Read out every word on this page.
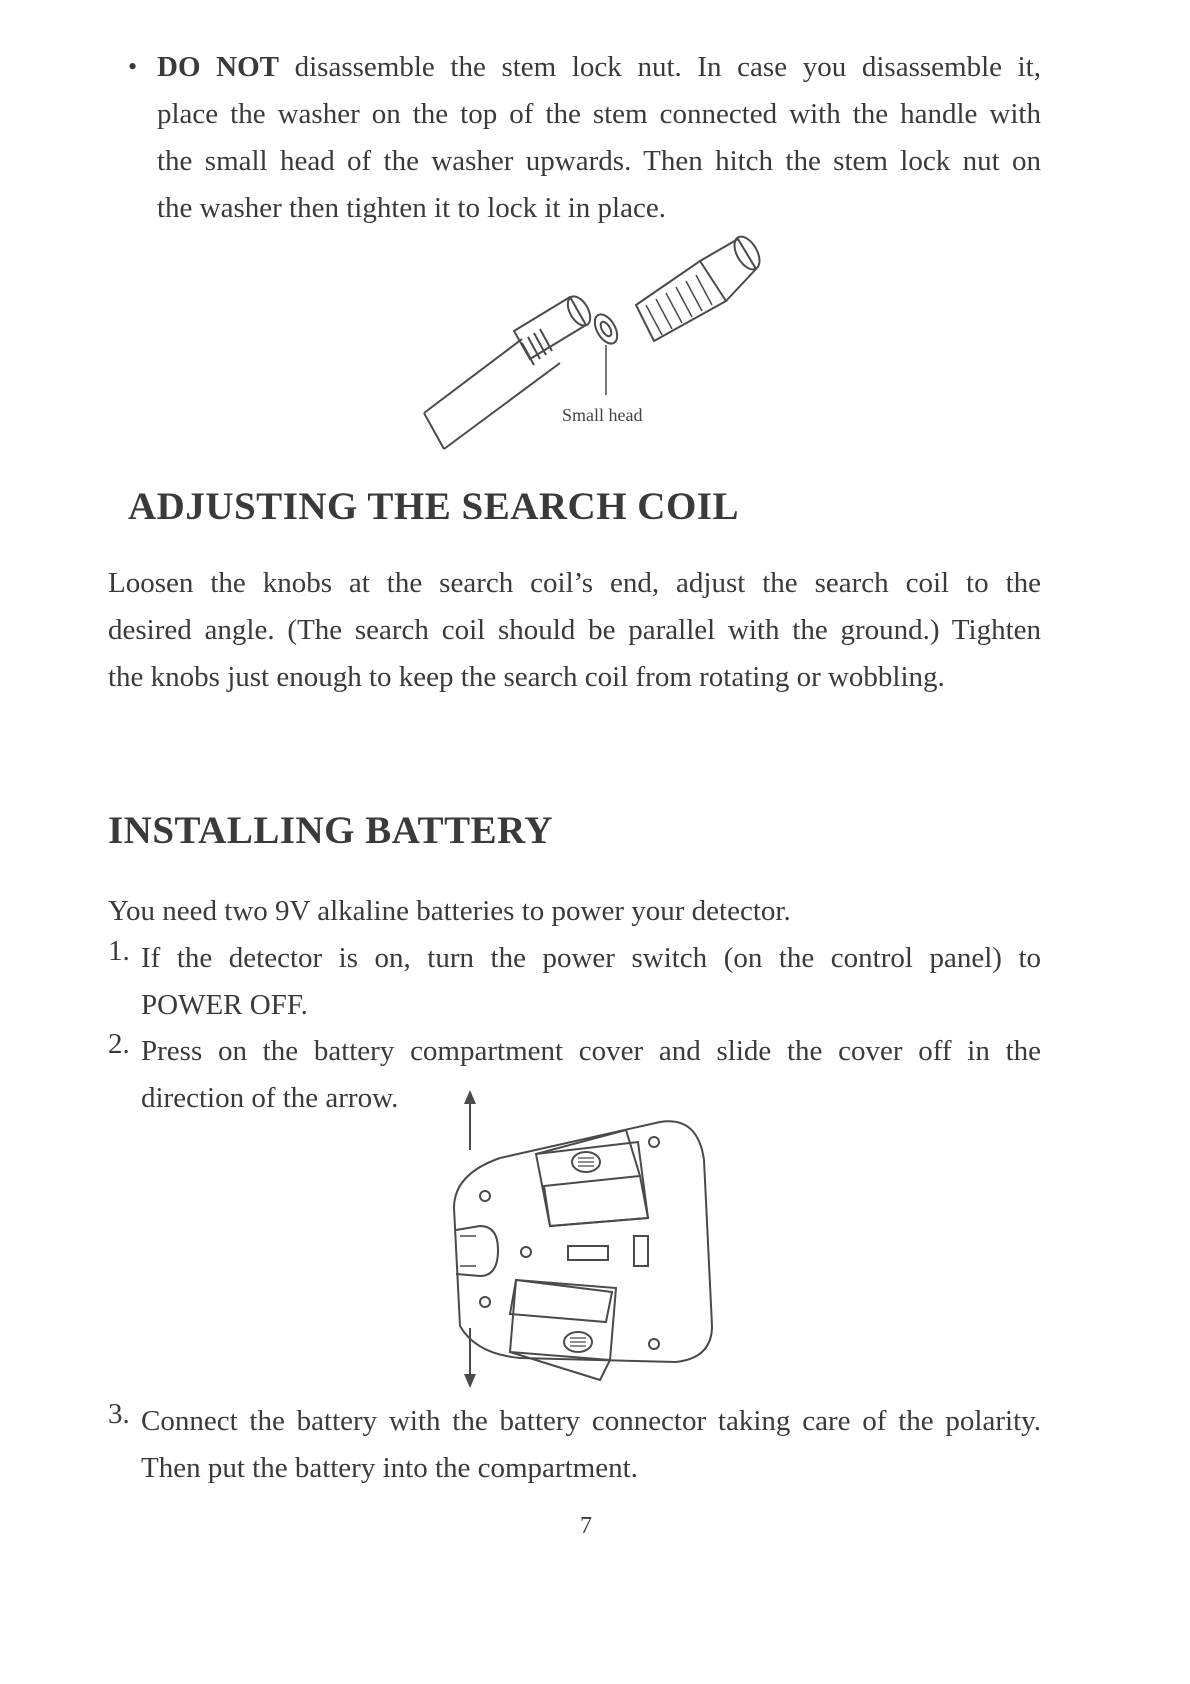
• DO NOT disassemble the stem lock nut. In case you disassemble it,
place the washer on the top of the stem connected with the handle with
the small head of the washer upwards. Then hitch the stem lock nut on
the washer then tighten it to lock it in place.

Small head
ADJUSTING THE SEARCH COIL

Loosen the knobs at the search coil’s end, adjust the search coil to the
desired angle. (The search coil should be parallel with the ground.) Tighten
the knobs just enough to keep the search coil from rotating or wobbling.

INSTALLING BATTERY

You need two 9V alkaline batteries to power your detector.

1. If the detector is on, turn the power switch (on the control panel) to
POWER OFF.

2. Press on the battery compartment cover and slide the cover off in the
direction of the arrow.

3. Connect the battery with the battery connector taking care of the polarity.
Then put the battery into the compartment.

7
